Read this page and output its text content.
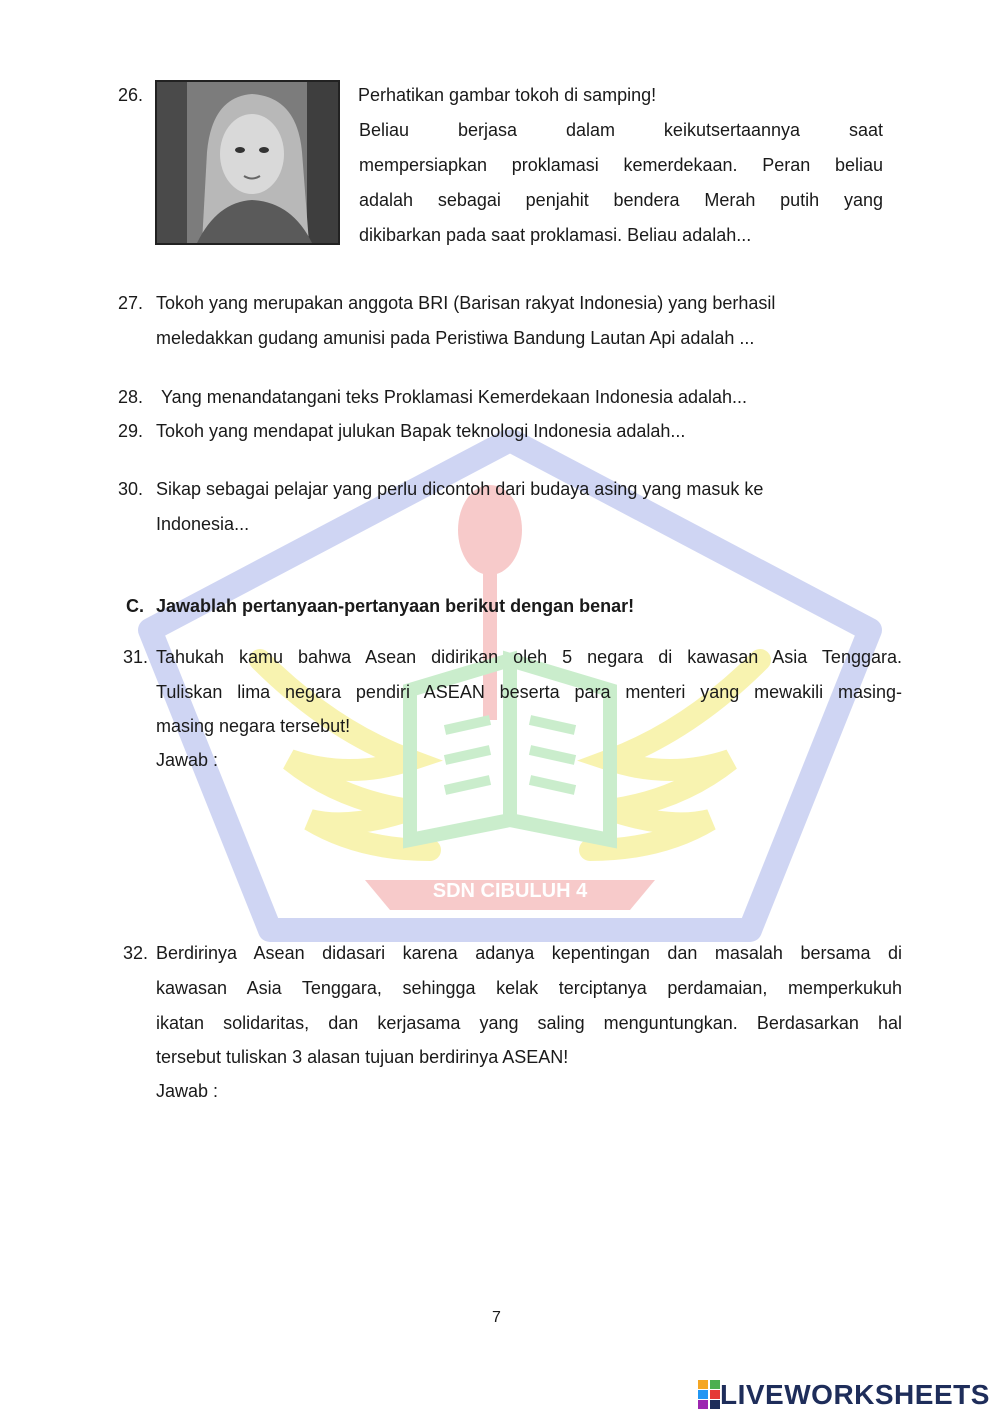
SDN CIBULUH 4
26.	Perhatikan gambar tokoh di samping!
Beliau berjasa dalam keikutsertaannya saat
mempersiapkan proklamasi kemerdekaan. Peran beliau
adalah sebagai penjahit bendera Merah putih yang
dikibarkan pada saat proklamasi. Beliau adalah...
27. Tokoh yang merupakan anggota BRI (Barisan rakyat Indonesia) yang berhasil
meledakkan gudang amunisi pada Peristiwa Bandung Lautan Api adalah ...
28. Yang menandatangani teks Proklamasi Kemerdekaan Indonesia adalah...
29. Tokoh yang mendapat julukan Bapak teknologi Indonesia adalah...
30. Sikap sebagai pelajar yang perlu dicontoh dari budaya asing yang masuk ke
Indonesia...
C. Jawablah pertanyaan-pertanyaan berikut dengan benar!
31. Tahukah kamu bahwa Asean didirikan oleh 5 negara di kawasan Asia Tenggara.
Tuliskan lima negara pendiri ASEAN beserta para menteri yang mewakili masing-
masing negara tersebut!
Jawab :
32. Berdirinya Asean didasari karena adanya kepentingan dan masalah bersama di
kawasan Asia Tenggara, sehingga kelak terciptanya perdamaian, memperkukuh
ikatan solidaritas, dan kerjasama yang saling menguntungkan. Berdasarkan hal
tersebut tuliskan 3 alasan tujuan berdirinya ASEAN!
Jawab :
7
LIVEWORKSHEETS
